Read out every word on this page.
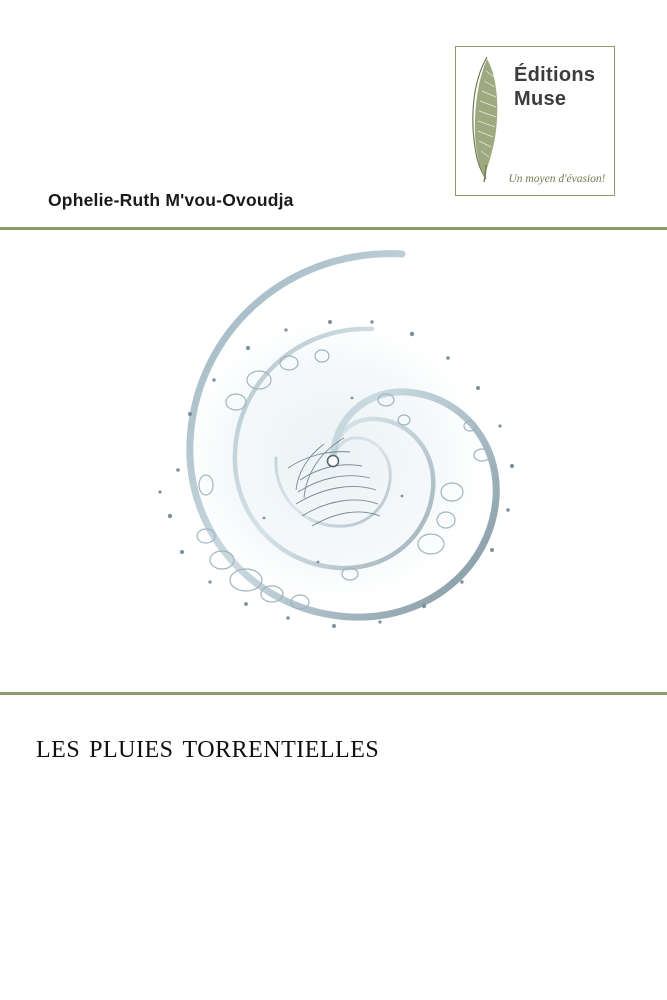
Éditions
Muse
Un moyen d'évasion!
Ophelie-Ruth M'vou-Ovoudja
les pluies torrentielles
